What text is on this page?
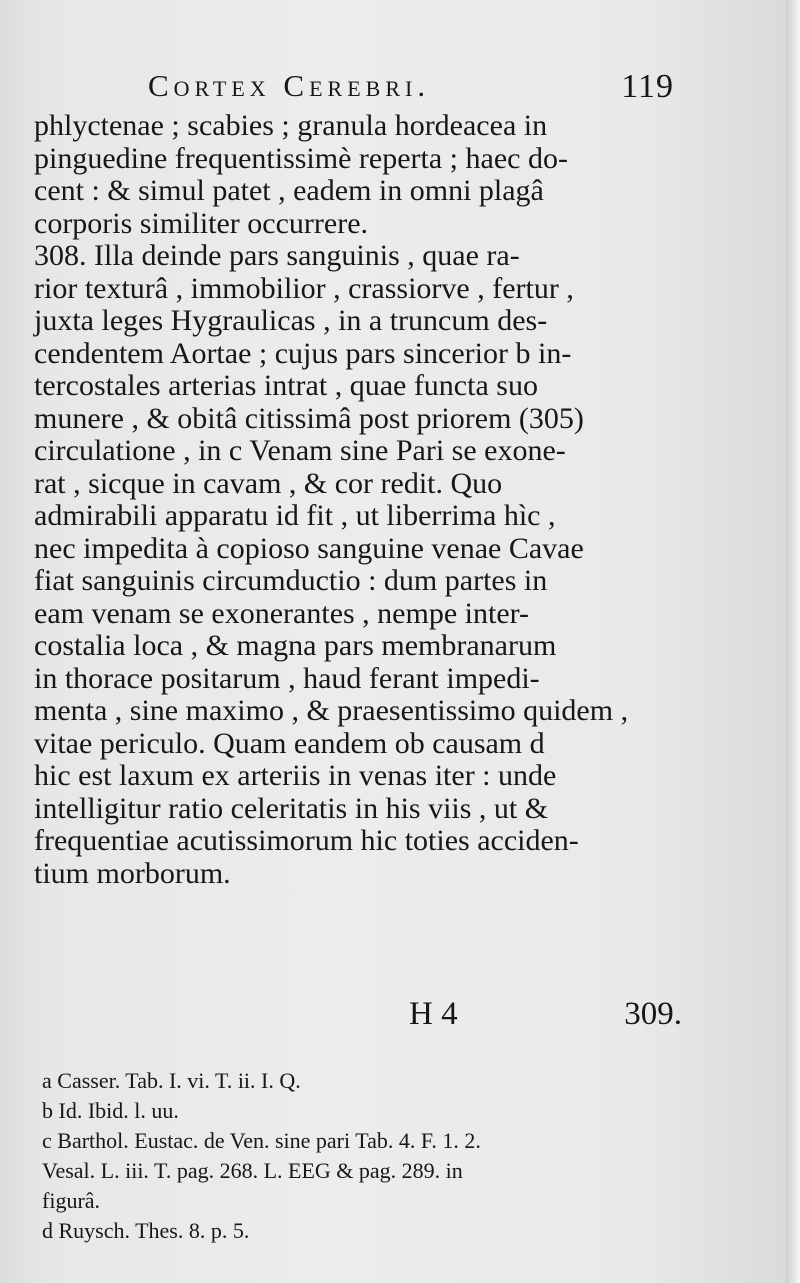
Cortex Cerebri.	119
phlyctenae ; scabies ; granula hordeacea in
pinguedine frequentissimè reperta ; haec do-
cent : & simul patet , eadem in omni plagâ
corporis similiter occurrere.
308. Illa deinde pars sanguinis , quae ra-
rior texturâ , immobilior , crassiorve , fertur ,
juxta leges Hygraulicas , in a truncum des-
cendentem Aortae ; cujus pars sincerior b in-
tercostales arterias intrat , quae functa suo
munere , & obitâ citissimâ post priorem (305)
circulatione , in c Venam sine Pari se exone-
rat , sicque in cavam , & cor redit. Quo
admirabili apparatu id fit , ut liberrima hìc ,
nec impedita à copioso sanguine venae Cavae
fiat sanguinis circumductio : dum partes in
eam venam se exonerantes , nempe inter-
costalia loca , & magna pars membranarum
in thorace positarum , haud ferant impedi-
menta , sine maximo , & praesentissimo quidem ,
vitae periculo. Quam eandem ob causam d
hic est laxum ex arteriis in venas iter : unde
intelligitur ratio celeritatis in his viis , ut &
frequentiae acutissimorum hic toties acciden-
tium morborum.
H 4	309.
a Casser. Tab. I. vi. T. ii. I. Q.
b Id. Ibid. l. uu.
c Barthol. Eustac. de Ven. sine pari Tab. 4. F. 1. 2.
Vesal. L. iii. T. pag. 268. L. EEG & pag. 289. in
figurâ.
d Ruysch. Thes. 8. p. 5.
